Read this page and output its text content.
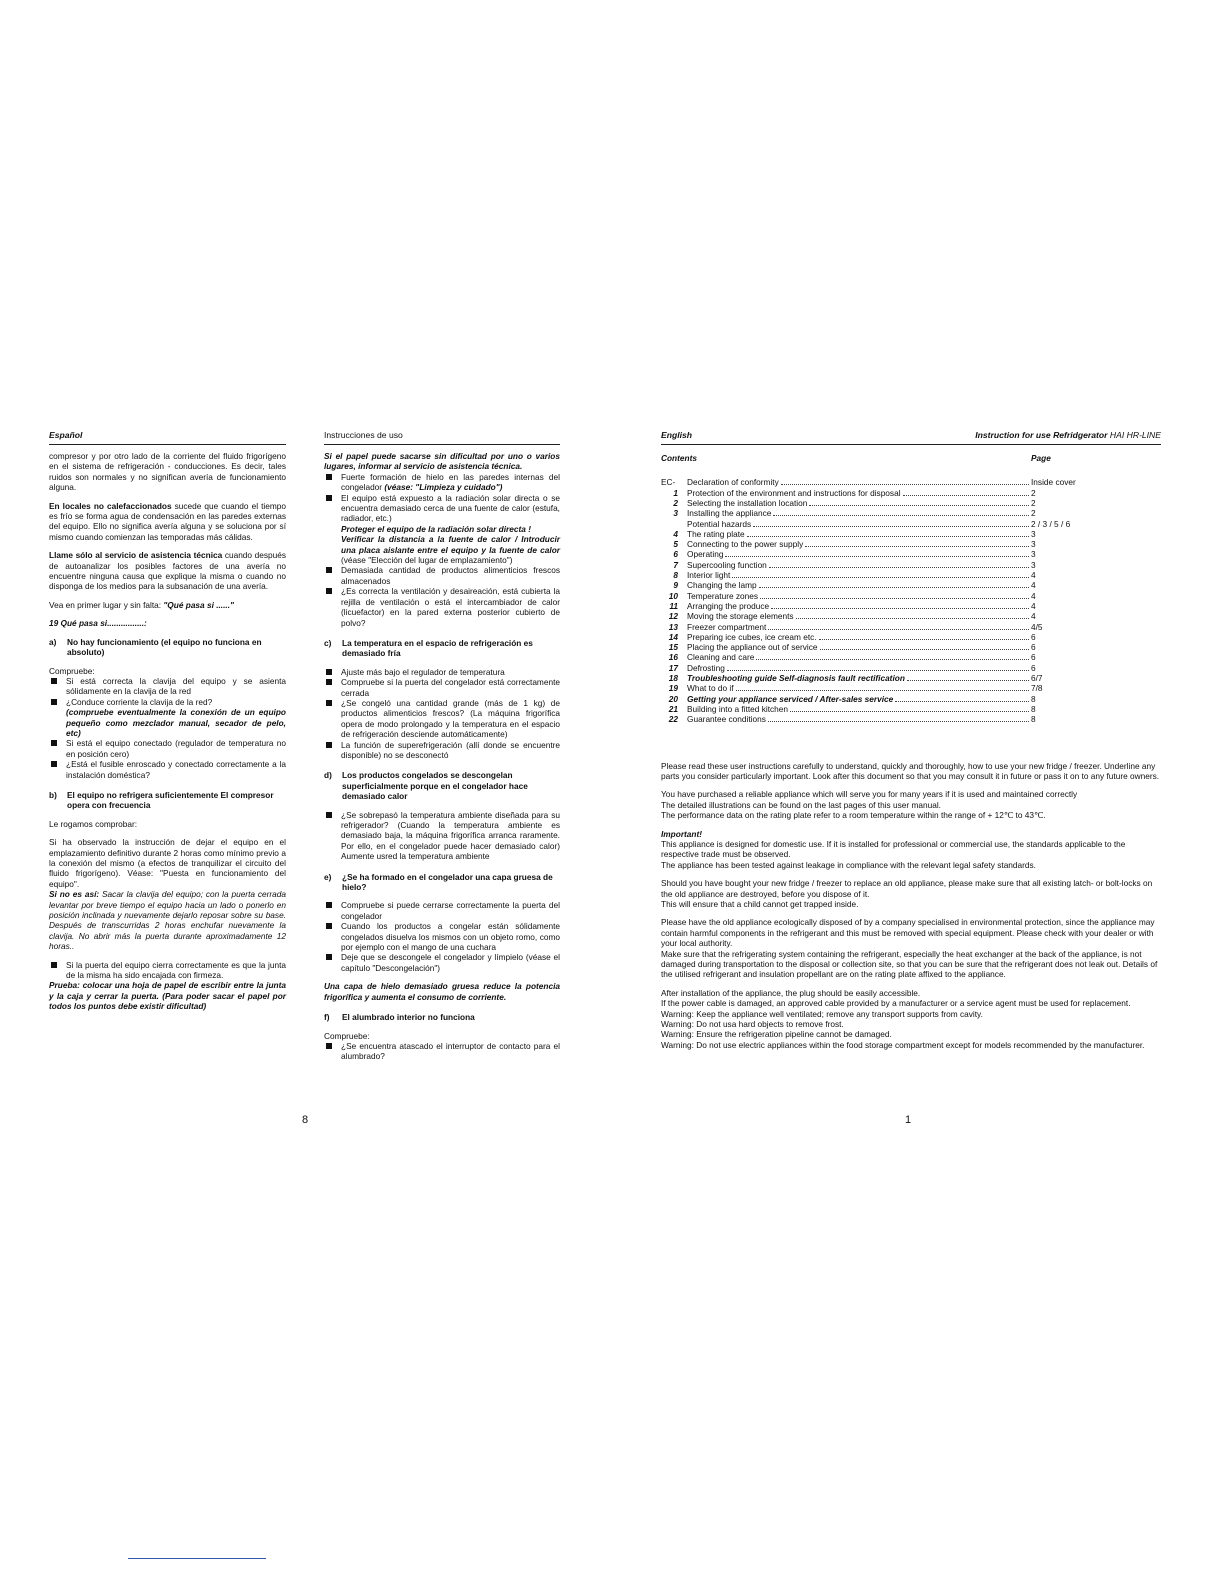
Español

compresor y por otro lado de la corriente del fluido frigorígeno en el sistema de refrigeración - conducciones. Es decir, tales ruidos son normales y no significan avería de funcionamiento alguna.

En locales no calefaccionados sucede que cuando el tiempo es frío se forma agua de condensación en las paredes externas del equipo. Ello no significa avería alguna y se soluciona por sí mismo cuando comienzan las temporadas más cálidas.

Llame sólo al servicio de asistencia técnica cuando después de autoanalizar los posibles factores de una avería no encuentre ninguna causa que explique la misma o cuando no disponga de los medios para la subsanación de una avería.

Vea en primer lugar y sin falta: "Qué pasa si ......"

19 Qué pasa si................:

a)	No hay funcionamiento (el equipo no funciona en absoluto)
Compruebe:
Si está correcta la clavija del equipo y se asienta sólidamente en la clavija de la red
¿Conduce corriente la clavija de la red?
(compruebe eventualmente la conexión de un equipo pequeño como mezclador manual, secador de pelo, etc)
Si está el equipo conectado (regulador de temperatura no en posición cero)
¿Está el fusible enroscado y conectado correctamente a la instalación doméstica?
b)	El equipo no refrigera suficientemente El compresor opera con frecuencia

Le rogamos comprobar:

Si ha observado la instrucción de dejar el equipo en el emplazamiento definitivo durante 2 horas como mínimo previo a la conexión del mismo (a efectos de tranquilizar el circuito del fluido frigorígeno). Véase: "Puesta en funcionamiento del equipo".

Si no es así: Sacar la clavija del equipo; con la puerta cerrada levantar por breve tiempo el equipo hacia un lado o ponerlo en posición inclinada y nuevamente dejarlo reposar sobre su base. Después de transcurridas 2 horas enchufar nuevamente la clavija. No abrir más la puerta durante aproximadamente 12 horas..

Si la puerta del equipo cierra correctamente es que la junta de la misma ha sido encajada con firmeza.

Prueba: colocar una hoja de papel de escribir entre la junta y la caja y cerrar la puerta. (Para poder sacar el papel por todos los puntos debe existir dificultad)

Instrucciones de uso

Si el papel puede sacarse sin dificultad por uno o varios lugares, informar al servicio de asistencia técnica.

Fuerte formación de hielo en las paredes internas del congelador (véase: "Limpieza y cuidado")
El equipo está expuesto a la radiación solar directa o se encuentra demasiado cerca de una fuente de calor (estufa, radiador, etc.)
Proteger el equipo de la radiación solar directa !
Verificar la distancia a la fuente de calor / Introducir una placa aislante entre el equipo y la fuente de calor (véase "Elección del lugar de emplazamiento")
Demasiada cantidad de productos alimenticios frescos almacenados
¿Es correcta la ventilación y desaireación, está cubierta la rejilla de ventilación o está el intercambiador de calor (licuefactor) en la pared externa posterior cubierto de polvo?
c)	La temperatura en el espacio de refrigeración es demasiado fría
Ajuste más bajo el regulador de temperatura
Compruebe si la puerta del congelador está correctamente cerrada
¿Se congeló una cantidad grande (más de 1 kg) de productos alimenticios frescos? (La máquina frigorífica opera de modo prolongado y la temperatura en el espacio de refrigeración desciende automáticamente)
La función de superefrigeración (allí donde se encuentre disponible) no se desconectó
d)	Los productos congelados se descongelan superficialmente porque en el congelador hace demasiado calor
¿Se sobrepasó la temperatura ambiente diseñada para su refrigerador? (Cuando la temperatura ambiente es demasiado baja, la máquina frigorífica arranca raramente. Por ello, en el congelador puede hacer demasiado calor) Aumente usred la temperatura ambiente
e)	¿Se ha formado en el congelador una capa gruesa de hielo?
Compruebe si puede cerrarse correctamente la puerta del congelador
Cuando los productos a congelar están sólidamente congelados disuelva los mismos con un objeto romo, como por ejemplo con el mango de una cuchara
Deje que se descongele el congelador y límpielo (véase el capítulo "Descongelación")

Una capa de hielo demasiado gruesa reduce la potencia frigorífica y aumenta el consumo de corriente.

f)	El alumbrado interior no funciona
Compruebe:
¿Se encuentra atascado el interruptor de contacto para el alumbrado?
8
English	Instruction for use Refridgerator HAI HR-LINE
Contents	Page
EC-	Declaration of conformity	Inside cover
1	Protection of the environment and instructions for disposal	2
2	Selecting the installation location	2
3	Installing the appliance	2
Potential hazards	2 / 3 / 5 / 6
4	The rating plate	3
5	Connecting to the power supply	3
6	Operating	3
7	Supercooling function	3
8	Interior light	4
9	Changing the lamp	4
10	Temperature zones	4
11	Arranging the produce	4
12	Moving the storage elements	4
13	Freezer compartment	4/5
14	Preparing ice cubes, ice cream etc.	6
15	Placing the appliance out of service	6
16	Cleaning and care	6
17	Defrosting	6
18	Troubleshooting guide Self-diagnosis fault rectification	6/7
19	What to do if	7/8
20	Getting your appliance serviced / After-sales service	8
21	Building into a fitted kitchen	8
22	Guarantee conditions	8

Please read these user instructions carefully to understand, quickly and thoroughly, how to use your new fridge / freezer. Underline any parts you consider particularly important. Look after this document so that you may consult it in future or pass it on to any future owners.

You have purchased a reliable appliance which will serve you for many years if it is used and maintained correctly

The detailed illustrations can be found on the last pages of this user manual.

The performance data on the rating plate refer to a room temperature within the range of + 12℃ to 43℃.

Important!

This appliance is designed for domestic use. If it is installed for professional or commercial use, the standards applicable to the respective trade must be observed.

The appliance has been tested against leakage in compliance with the relevant legal safety standards.

Should you have bought your new fridge / freezer to replace an old appliance, please make sure that all existing latch- or bolt-locks on the old appliance are destroyed, before you dispose of it.

This will ensure that a child cannot get trapped inside.

Please have the old appliance ecologically disposed of by a company specialised in environmental protection, since the appliance may contain harmful components in the refrigerant and this must be removed with special equipment. Please check with your dealer or with your local authority.

Make sure that the refrigerating system containing the refrigerant, especially the heat exchanger at the back of the appliance, is not damaged during transportation to the disposal or collection site, so that you can be sure that the refrigerant does not leak out. Details of the utilised refrigerant and insulation propellant are on the rating plate affixed to the appliance.

After installation of the appliance, the plug should be easily accessible.

If the power cable is damaged, an approved cable provided by a manufacturer or a service agent must be used for replacement.

Warning: Keep the appliance well ventilated; remove any transport supports from cavity.

Warning: Do not usa hard objects to remove frost.

Warning: Ensure the refrigeration pipeline cannot be damaged.

Warning: Do not use electric appliances within the food storage compartment except for models recommended by the manufacturer.

1
